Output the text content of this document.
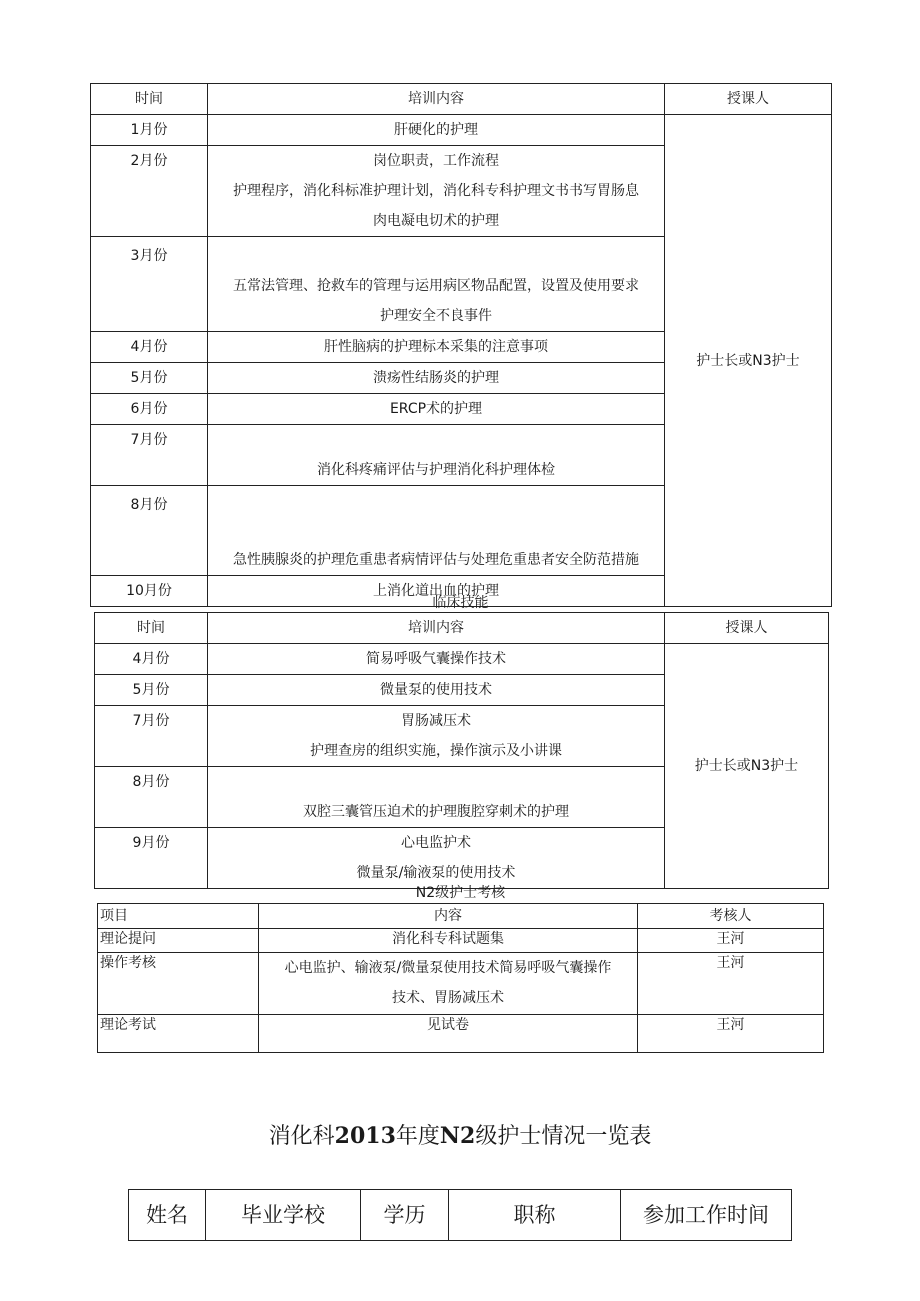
时间	培训内容	授课人

1月份	肝硬化的护理	护士长或N3护士

2月份	岗位职责，工作流程
护理程序，消化科标准护理计划，消化科专科护理文书书写胃肠息
肉电凝电切术的护理	

3月份	五常法管理、抢救车的管理与运用病区物品配置，设置及使用要求
护理安全不良事件	

4月份	肝性脑病的护理标本采集的注意事项	

5月份	溃疡性结肠炎的护理	

6月份	ERCP术的护理	

7月份	消化科疼痛评估与护理消化科护理体检	

8月份	急性胰腺炎的护理危重患者病情评估与处理危重患者安全防范措施	

10月份	上消化道出血的护理	
临床技能
时间	培训内容	授课人

4月份	简易呼吸气囊操作技术	护士长或N3护士

5月份	微量泵的使用技术	

7月份	胃肠减压术
护理查房的组织实施，操作演示及小讲课	

8月份	双腔三囊管压迫术的护理腹腔穿刺术的护理	

9月份	心电监护术
微量泵/输液泵的使用技术	
N2级护士考核
项目	内容	考核人
理论提问	消化科专科试题集	王河
操作考核	心电监护、输液泵/微量泵使用技术简易呼吸气囊操作
技术、胃肠减压术	王河
理论考试	见试卷	王河
消化科2013年度N2级护士情况一览表
姓名	毕业学校	学历	职称	参加工作时间
